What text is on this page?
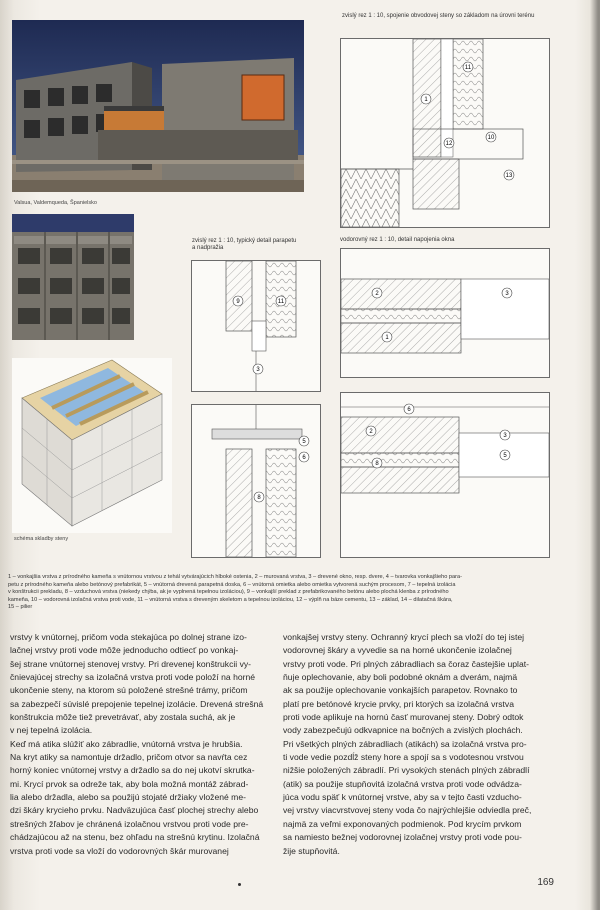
Valsua, Valdemqueda, Španielsko
schéma skladby steny
zvislý rez 1 : 10, spojenie obvodovej steny so základom na úrovni terénu
1
11
10
12
13
zvislý rez 1 : 10, typický detail parapetu
a nadpražia
9	11
3
5
6
8
vodorovný rez 1 : 10, detail napojenia okna
2	3
1
6
2
3
5
8
1 – vonkajšia vrstva z prírodného kameňa s vnútornou vrstvou z tehál vytvárajúcich hlboké ostenia, 2 – murovaná vrstva, 3 – drevené okno, resp. dvere, 4 – tvarovka vonkajšieho para-
petu z prírodného kameňa alebo betónový prefabrikát, 5 – vnútorná drevená parapetná doska, 6 – vnútorná omietka alebo omietka vytvorená suchým procesom, 7 – tepelná izolácia
v konštrukcii prekladu, 8 – vzduchová vrstva (niekedy chýba, ak je vyplnená tepelnou izoláciou), 9 – vonkajší preklad z prefabrikovaného betónu alebo plochá klenba z prírodného
kameňa, 10 – vodorovná izolačná vrstva proti vode, 11 – vnútorná vrstva s dreveným skeletom a tepelnou izoláciou, 12 – výplň na báze cementu, 13 – základ, 14 – dilatačná škára,
15 – pilier
vrstvy k vnútornej, pričom voda stekajúca po dolnej strane izo-
lačnej vrstvy proti vode môže jednoducho odtiecť po vonkaj-
šej strane vnútornej stenovej vrstvy. Pri drevenej konštrukcii vy-
čnievajúcej strechy sa izolačná vrstva proti vode položí na horné
ukončenie steny, na ktorom sú položené strešné trámy, pričom
sa zabezpečí súvislé prepojenie tepelnej izolácie. Drevená strešná
konštrukcia môže tiež prevetrávať, aby zostala suchá, ak je
v nej tepelná izolácia.
Keď má atika slúžiť ako zábradlie, vnútorná vrstva je hrubšia.
Na kryt atiky sa namontuje držadlo, pričom otvor sa navŕta cez
horný koniec vnútornej vrstvy a držadlo sa do nej ukotví skrutka-
mi. Krycí prvok sa odreže tak, aby bola možná montáž zábrad-
lia alebo držadla, alebo sa použijú stojaté držiaky vložené me-
dzi škáry krycieho prvku. Nadväzujúca časť plochej strechy alebo
strešných žľabov je chránená izolačnou vrstvou proti vode pre-
chádzajúcou až na stenu, bez ohľadu na strešnú krytinu. Izolačná
vrstva proti vode sa vloží do vodorovných škár murovanej
vonkajšej vrstvy steny. Ochranný krycí plech sa vloží do tej istej
vodorovnej škáry a vyvedie sa na horné ukončenie izolačnej
vrstvy proti vode. Pri plných zábradliach sa čoraz častejšie uplat-
ňuje oplechovanie, aby boli podobné oknám a dverám, najmä
ak sa použije oplechovanie vonkajších parapetov. Rovnako to
platí pre betónové krycie prvky, pri ktorých sa izolačná vrstva
proti vode aplikuje na hornú časť murovanej steny. Dobrý odtok
vody zabezpečujú odkvapnice na bočných a zvislých plochách.
Pri všetkých plných zábradliach (atikách) sa izolačná vrstva pro-
ti vode vedie pozdĺž steny hore a spojí sa s vodotesnou vrstvou
nižšie položených zábradlí. Pri vysokých stenách plných zábradlí
(atik) sa použije stupňovitá izolačná vrstva proti vode odvádza-
júca vodu späť k vnútornej vrstve, aby sa v tejto časti vzducho-
vej vrstvy viacvrstvovej steny voda čo najrýchlejšie odviedla preč,
najmä za veľmi exponovaných podmienok. Pod krycím prvkom
sa namiesto bežnej vodorovnej izolačnej vrstvy proti vode pou-
žije stupňovitá.
169
